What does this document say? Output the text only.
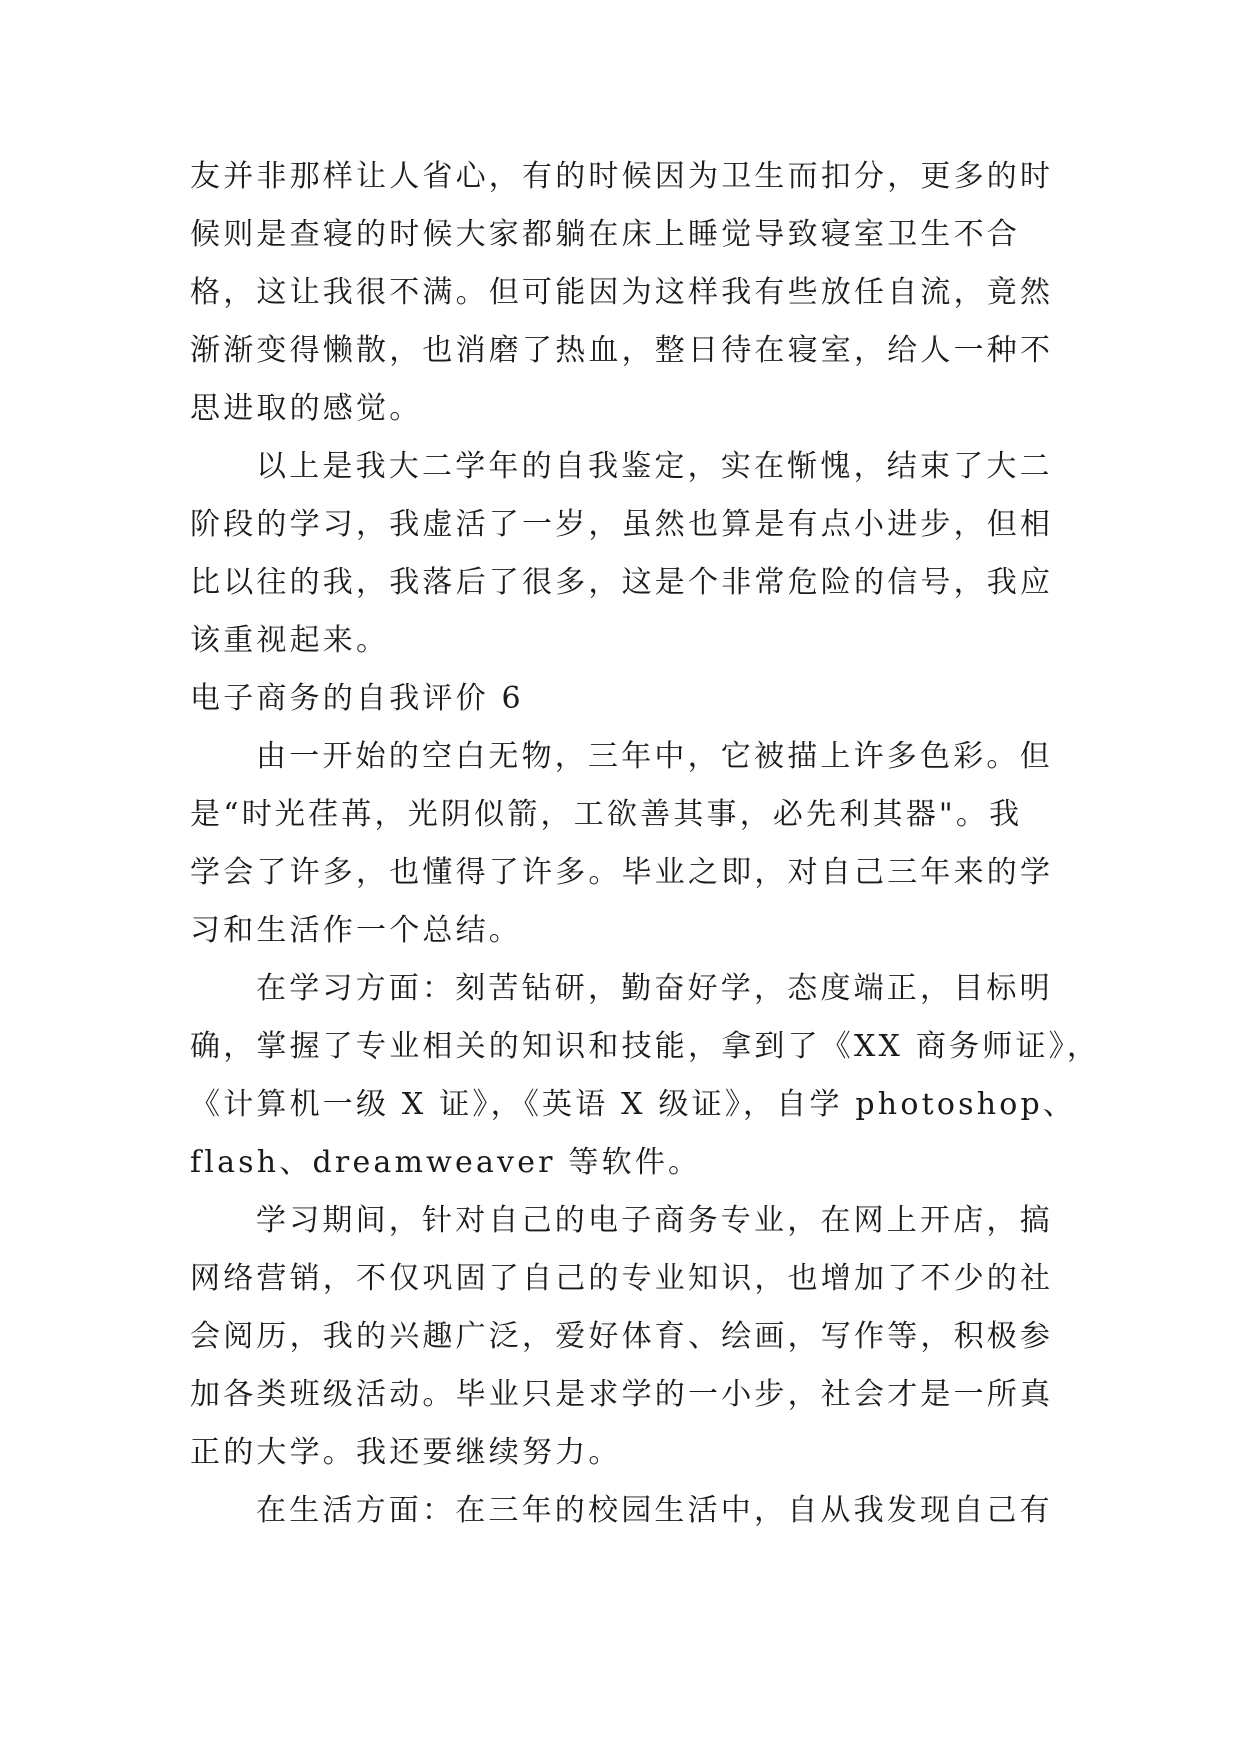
友并非那样让人省心，有的时候因为卫生而扣分，更多的时
候则是查寝的时候大家都躺在床上睡觉导致寝室卫生不合
格，这让我很不满。但可能因为这样我有些放任自流，竟然
渐渐变得懒散，也消磨了热血，整日待在寝室，给人一种不
思进取的感觉。
以上是我大二学年的自我鉴定，实在惭愧，结束了大二
阶段的学习，我虚活了一岁，虽然也算是有点小进步，但相
比以往的我，我落后了很多，这是个非常危险的信号，我应
该重视起来。
电子商务的自我评价 6
由一开始的空白无物，三年中，它被描上许多色彩。但
是“时光荏苒，光阴似箭，工欲善其事，必先利其器"。我
学会了许多，也懂得了许多。毕业之即，对自己三年来的学
习和生活作一个总结。
在学习方面：刻苦钻研，勤奋好学，态度端正，目标明
确，掌握了专业相关的知识和技能，拿到了《XX 商务师证》，
《计算机一级 X 证》，《英语 X 级证》，自学 photoshop、
flash、dreamweaver 等软件。
学习期间，针对自己的电子商务专业，在网上开店，搞
网络营销，不仅巩固了自己的专业知识，也增加了不少的社
会阅历，我的兴趣广泛，爱好体育、绘画，写作等，积极参
加各类班级活动。毕业只是求学的一小步，社会才是一所真
正的大学。我还要继续努力。
在生活方面：在三年的校园生活中，自从我发现自己有
